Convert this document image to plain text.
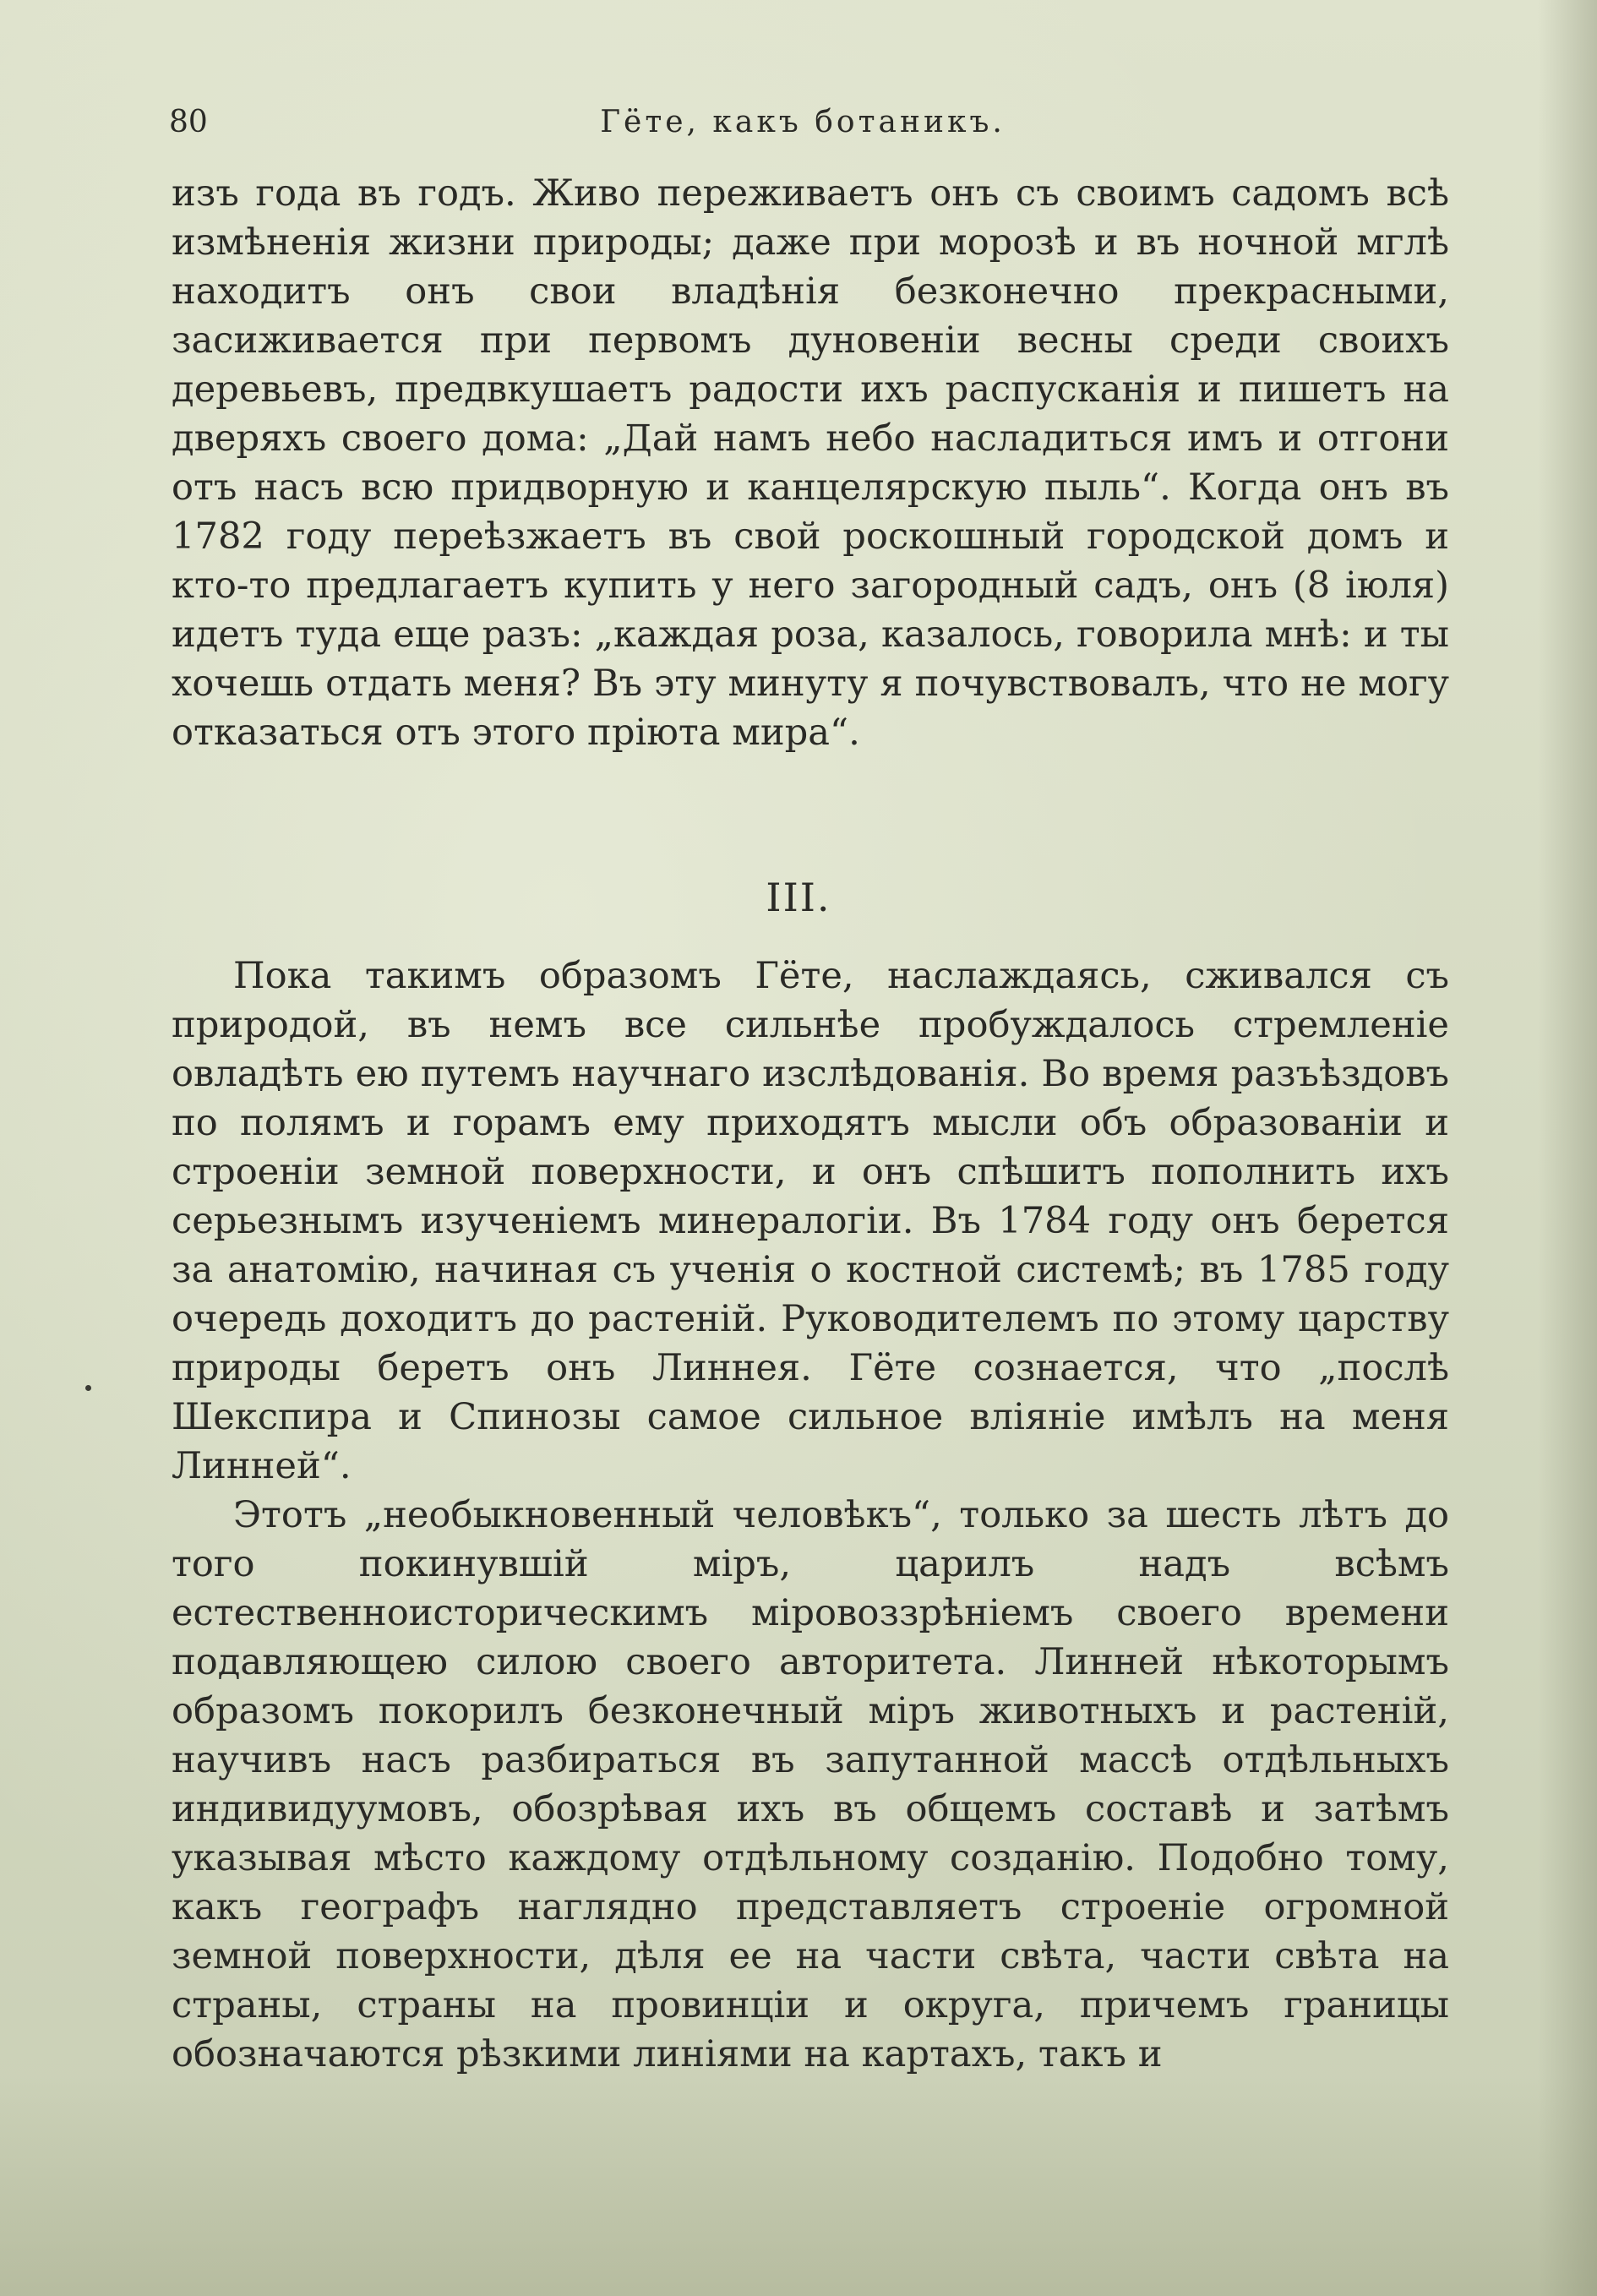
80	Гёте, какъ ботаникъ.

изъ года въ годъ. Живо переживаетъ онъ съ своимъ садомъ всѣ измѣненія жизни природы; даже при морозѣ и въ ночной мглѣ находитъ онъ свои владѣнія безконечно прекрасными, засиживается при первомъ дуновеніи весны среди своихъ деревьевъ, предвкушаетъ радости ихъ распусканія и пишетъ на дверяхъ своего дома: „Дай намъ небо насладиться имъ и отгони отъ насъ всю придворную и канцелярскую пыль“. Когда онъ въ 1782 году переѣзжаетъ въ свой роскошный городской домъ и кто-то предлагаетъ купить у него загородный садъ, онъ (8 іюля) идетъ туда еще разъ: „каждая роза, казалось, говорила мнѣ: и ты хочешь отдать меня? Въ эту минуту я почувствовалъ, что не могу отказаться отъ этого пріюта мира“.

III.

Пока такимъ образомъ Гёте, наслаждаясь, сживался съ природой, въ немъ все сильнѣе пробуждалось стремленіе овладѣть ею путемъ научнаго изслѣдованія. Во время разъѣздовъ по полямъ и горамъ ему приходятъ мысли объ образованіи и строеніи земной поверхности, и онъ спѣшитъ пополнить ихъ серьезнымъ изученіемъ минералогіи. Въ 1784 году онъ берется за анатомію, начиная съ ученія о костной системѣ; въ 1785 году очередь доходитъ до растеній. Руководителемъ по этому царству природы беретъ онъ Линнея. Гёте сознается, что „послѣ Шекспира и Спинозы самое сильное вліяніе имѣлъ на меня Линней“.

Этотъ „необыкновенный человѣкъ“, только за шесть лѣтъ до того покинувшій міръ, царилъ надъ всѣмъ естественноисторическимъ міровоззрѣніемъ своего времени подавляющею силою своего авторитета. Линней нѣкоторымъ образомъ покорилъ безконечный міръ животныхъ и растеній, научивъ насъ разбираться въ запутанной массѣ отдѣльныхъ индивидуумовъ, обозрѣвая ихъ въ общемъ составѣ и затѣмъ указывая мѣсто каждому отдѣльному созданію. Подобно тому, какъ географъ наглядно представляетъ строеніе огромной земной поверхности, дѣля ее на части свѣта, части свѣта на страны, страны на провинціи и округа, причемъ границы обозначаются рѣзкими линіями на картахъ, такъ и
